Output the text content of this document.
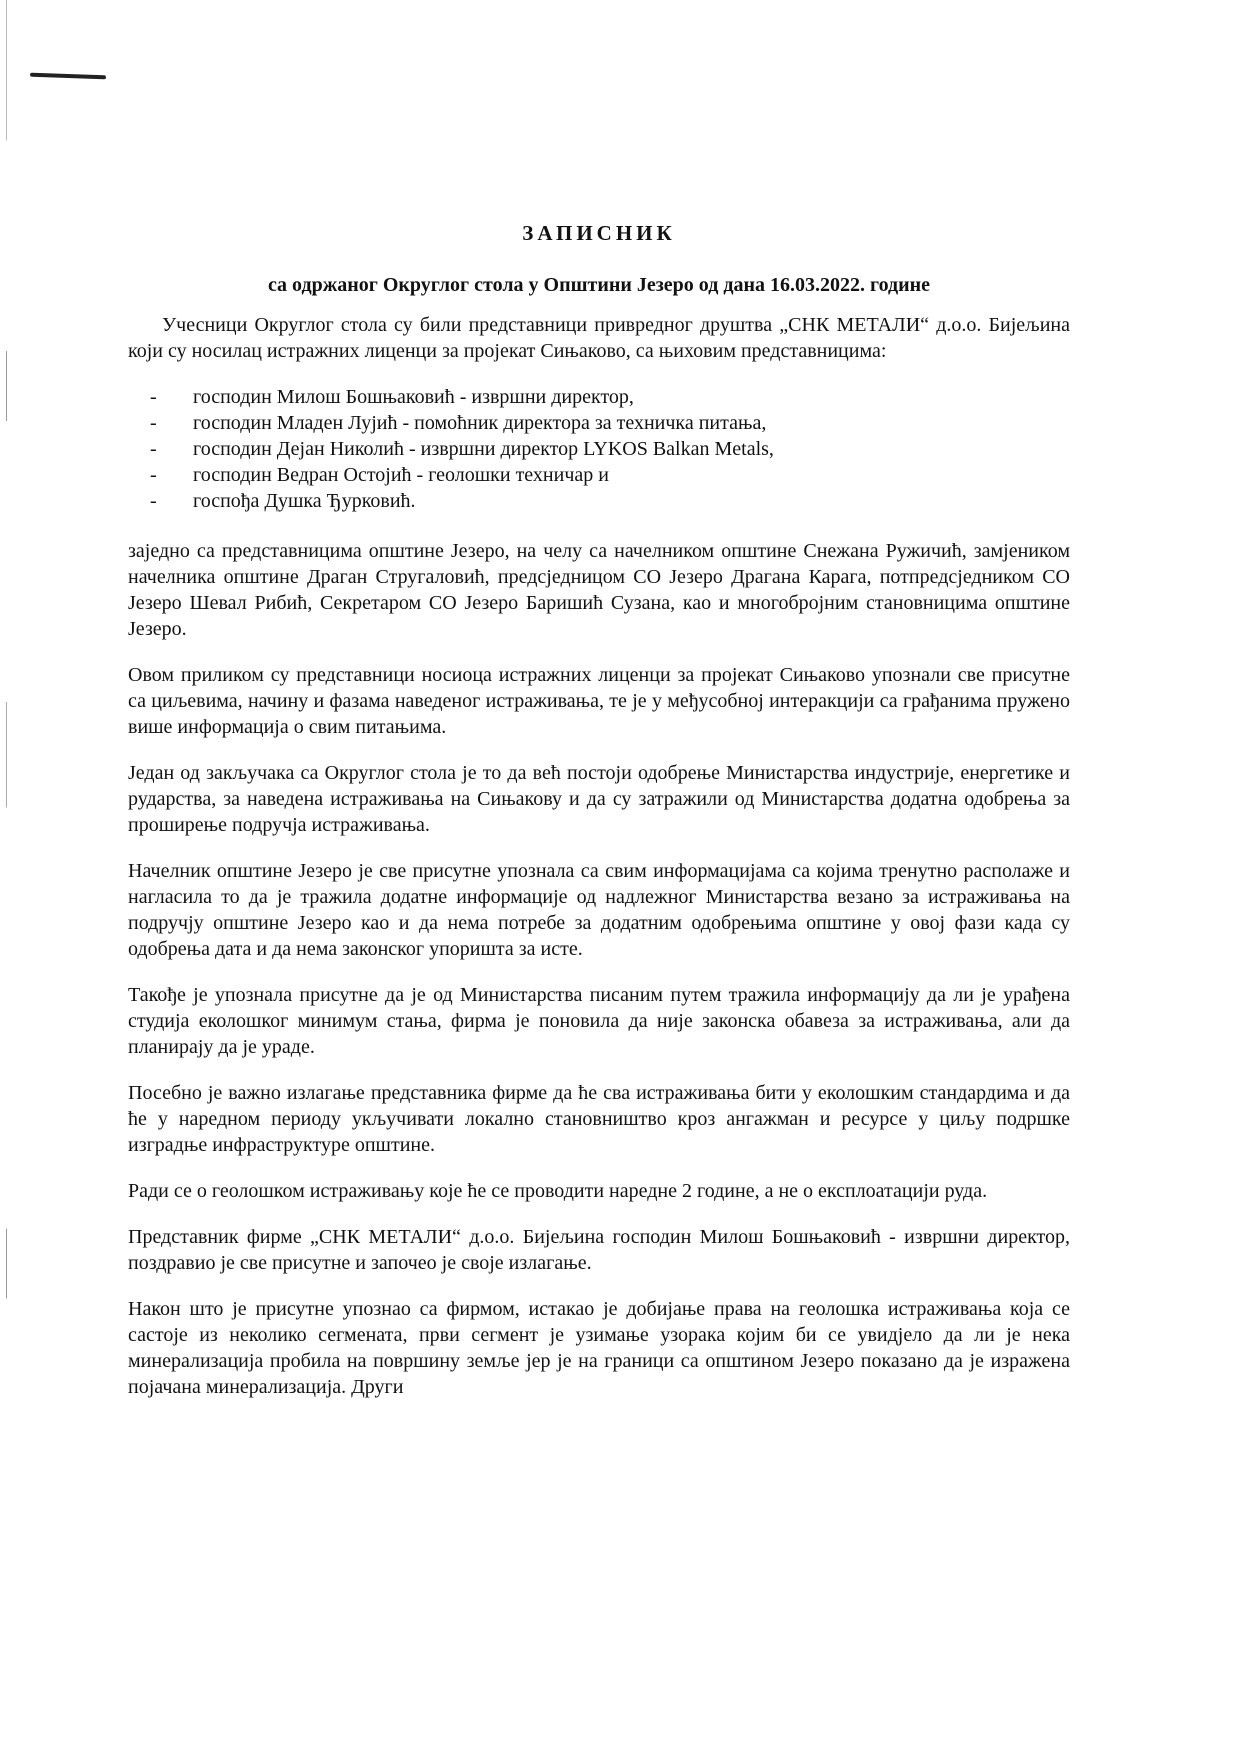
ЗАПИСНИК
са одржаног Округлог стола у Општини Језеро од дана 16.03.2022. године

Учесници Округлог стола су били представници привредног друштва „СНК МЕТАЛИ“ д.о.о. Бијељина који су носилац истражних лиценци за пројекат Сињаково, са њиховим представницима:

- господин Милош Бошњаковић - извршни директор,
- господин Младен Лујић - помоћник директора за техничка питања,
- господин Дејан Николић - извршни директор LYKOS Balkan Metals,
- господин Ведран Остојић - геолошки техничар и
- госпођа Душка Ђурковић.

заједно са представницима општине Језеро, на челу са начелником општине Снежана Ружичић, замјеником начелника општине Драган Стругаловић, предсједницом СО Језеро Драгана Карага, потпредсједником СО Језеро Шевал Рибић, Секретаром СО Језеро Баришић Сузана, као и многобројним становницима општине Језеро.

Овом приликом су представници носиоца истражних лиценци за пројекат Сињаково упознали све присутне са циљевима, начину и фазама наведеног истраживања, те је у међусобној интеракцији са грађанима пружено више информација о свим питањима.

Један од закључака са Округлог стола је то да већ постоји одобрење Министарства индустрије, енергетике и рударства, за наведена истраживања на Сињакову и да су затражили од Министарства додатна одобрења за проширење подручја истраживања.

Начелник општине Језеро је све присутне упознала са свим информацијама са којима тренутно располаже и нагласила то да је тражила додатне информације од надлежног Министарства везано за истраживања на подручју општине Језеро као и да нема потребе за додатним одобрењима општине у овој фази када су одобрења дата и да нема законског упоришта за исте.

Такође је упознала присутне да је од Министарства писаним путем тражила информацију да ли је урађена студија еколошког минимум стања, фирма је поновила да није законска обавеза за истраживања, али да планирају да је ураде.

Посебно је важно излагање представника фирме да ће сва истраживања бити у еколошким стандардима и да ће у наредном периоду укључивати локално становништво кроз ангажман и ресурсе у циљу подршке изградње инфраструктуре општине.

Ради се о геолошком истраживању које ће се проводити наредне 2 године, а не о експлоатацији руда.

Представник фирме „СНК МЕТАЛИ“ д.о.о. Бијељина господин Милош Бошњаковић - извршни директор, поздравио је све присутне и започео је своје излагање.

Након што је присутне упознао са фирмом, истакао је добијање права на геолошка истраживања која се састоје из неколико сегмената, први сегмент је узимање узорака којим би се увидјело да ли је нека минерализација пробила на површину земље јер је на граници са општином Језеро показано да је изражена појачана минерализација. Други
